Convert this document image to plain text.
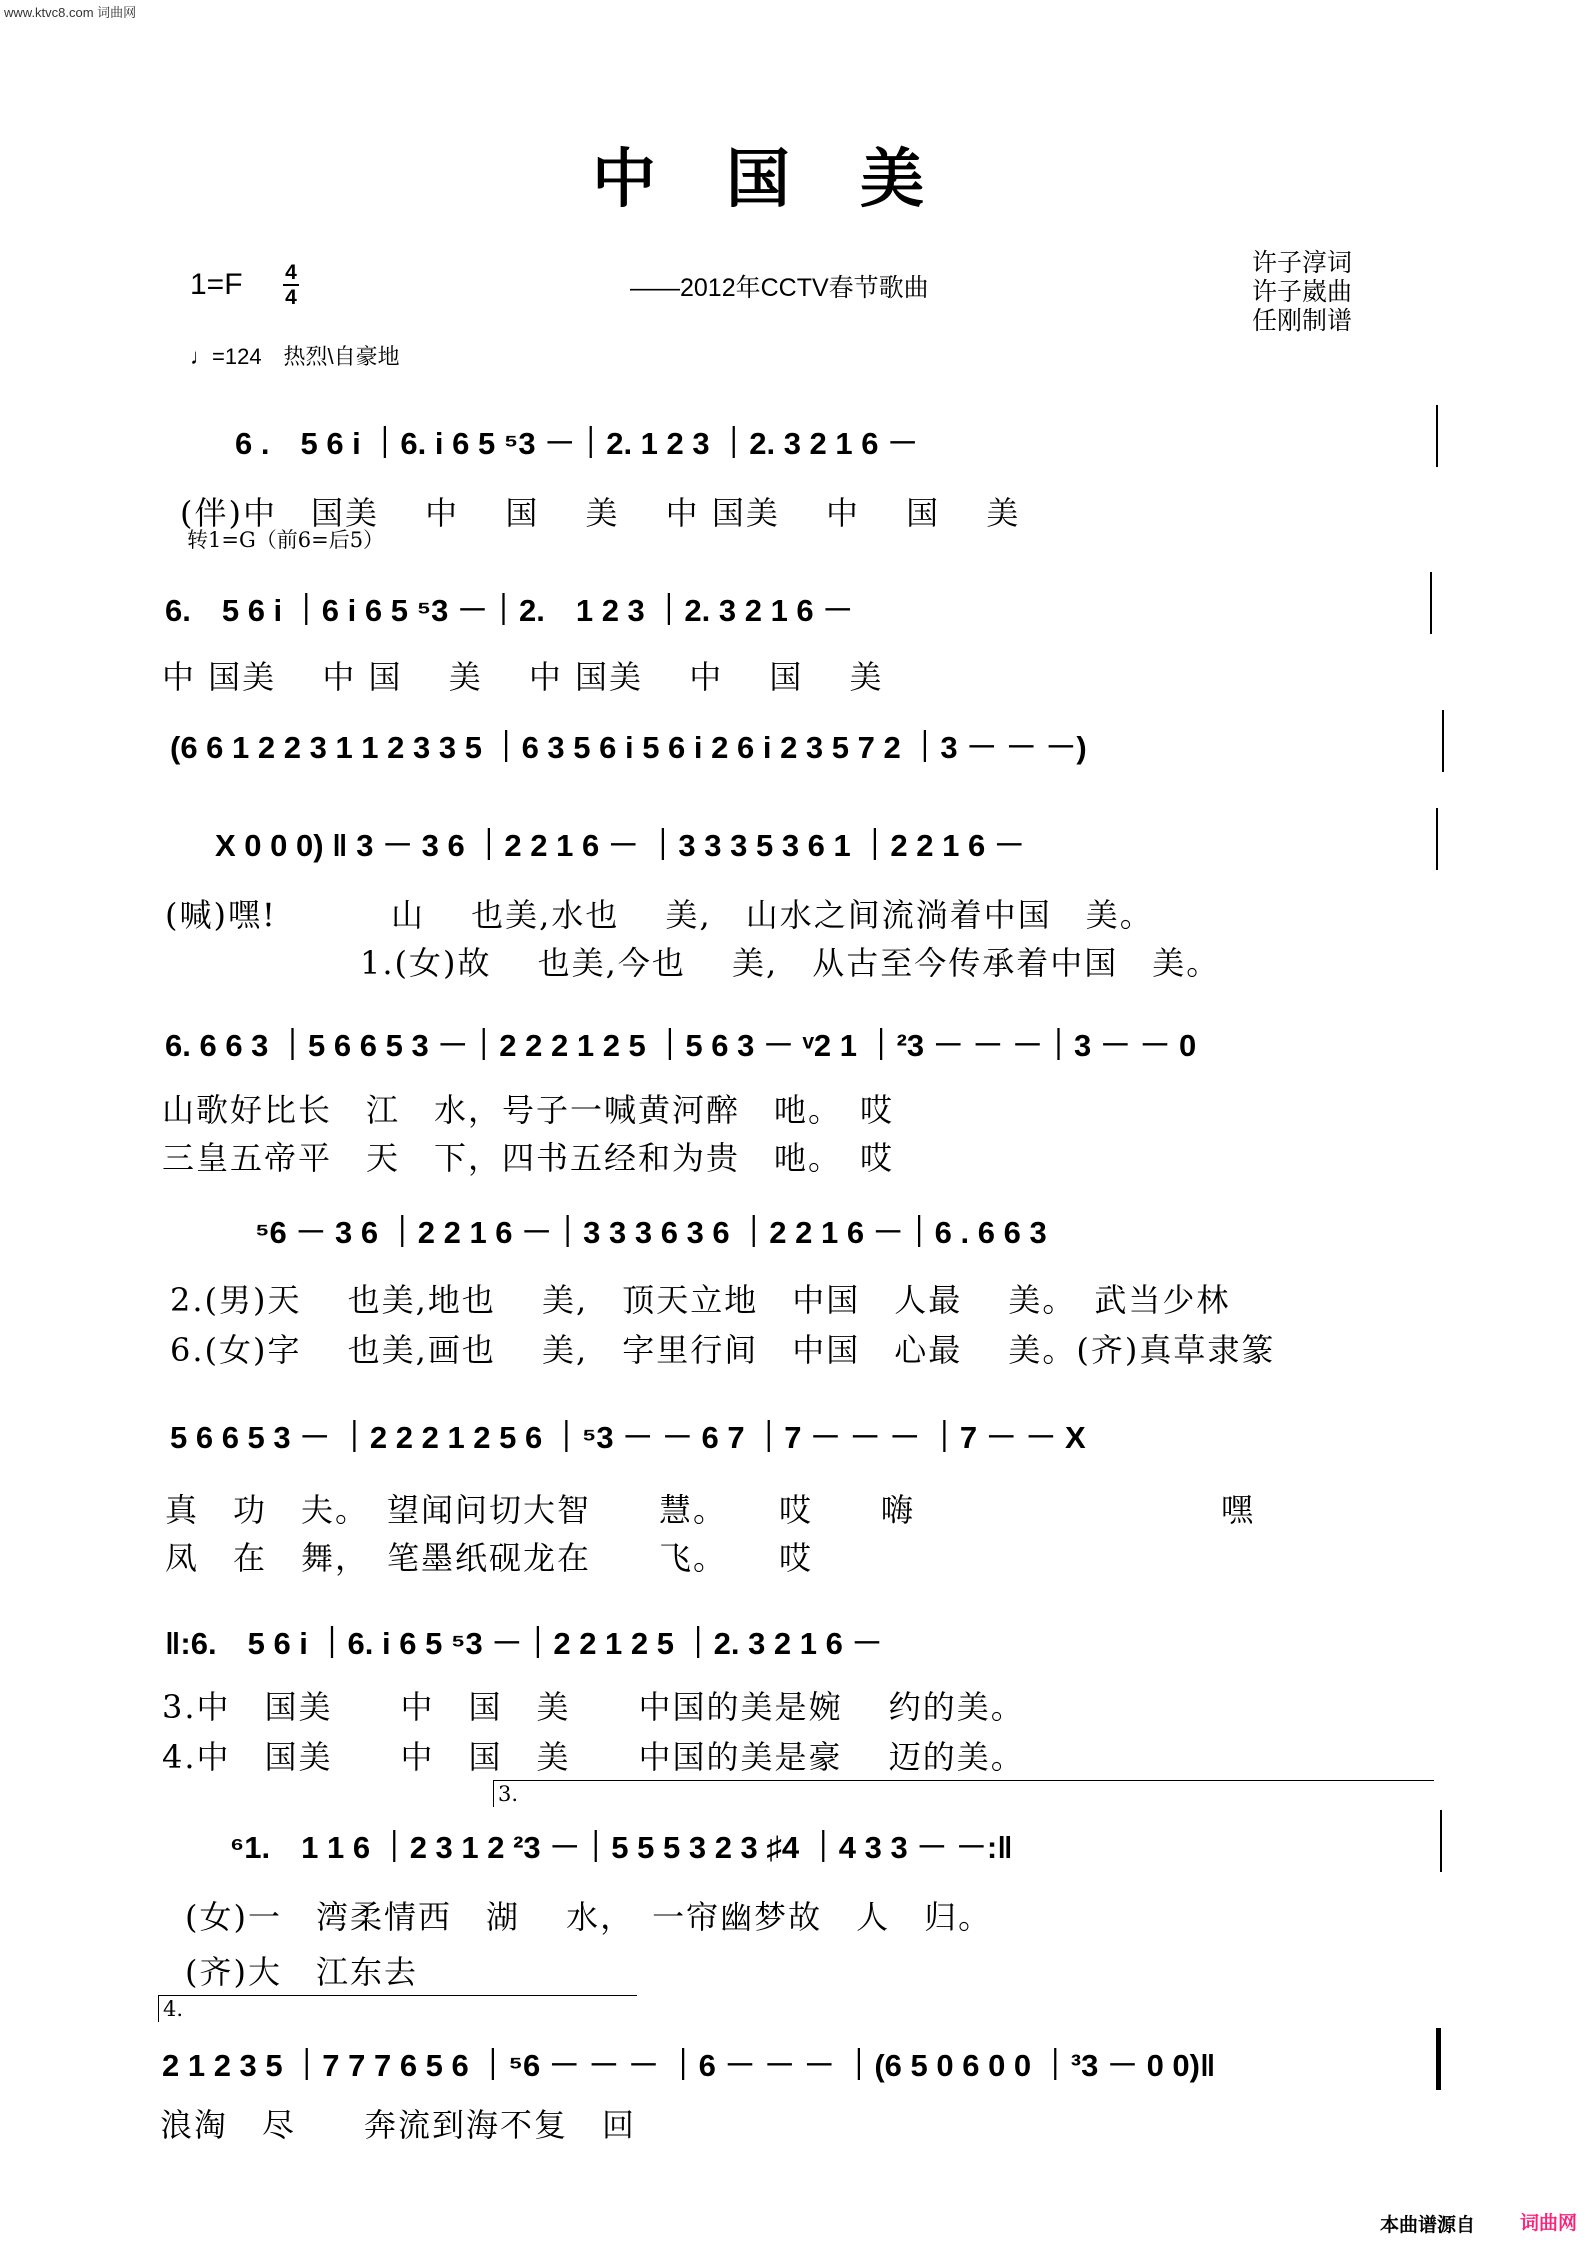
www.ktvc8.com 词曲网
中国美
1=F 4
4	——2012年CCTV春节歌曲
许子淳词
许子崴曲
任刚制谱
♩=124　热烈\自豪地
6 .　5 6 i ｜6. i 6 5 ⁵3 －｜2. 1 2 3 ｜2. 3 2 1 6 －
(伴)中　国美　 中　 国　 美　 中 国美　 中　 国　 美
转1=G（前6=后5）
6.　5 6 i ｜6 i 6 5 ⁵3 －｜2.　1 2 3 ｜2. 3 2 1 6 －
中 国美　 中 国　 美　 中 国美　 中　 国　 美
(6 6 1 2 2 3 1 1 2 3 3 5 ｜6 3 5 6 i 5 6 i 2 6 i 2 3 5 7 2 ｜3 － － －)
X 0 0 0) ‖ 3 － 3 6 ｜2 2 1 6 － ｜3 3 3 5 3 6 1 ｜2 2 1 6 －
(喊)嘿!　　　 山　 也美,水也　 美,　山水之间流淌着中国　美。
1.(女)故　 也美,今也　 美,　从古至今传承着中国　美。
6. 6 6 3 ｜5 6 6 5 3 －｜2 2 2 1 2 5 ｜5 6 3 － ᵛ2 1 ｜²3 － － －｜3 － － 0
山歌好比长　江　水，号子一喊黄河醉　吔。　哎
三皇五帝平　天　下，四书五经和为贵　吔。　哎
⁵6 － 3 6 ｜2 2 1 6 －｜3 3 3 6 3 6 ｜2 2 1 6 －｜6 . 6 6 3
2.(男)天　 也美,地也　 美,　顶天立地　中国　人最　 美。　武当少林
6.(女)字　 也美,画也　 美,　字里行间　中国　心最　 美。(齐)真草隶篆
5 6 6 5 3 － ｜2 2 2 1 2 5 6 ｜⁵3 － － 6 7 ｜7 － － － ｜7 － － X
真　功　夫。　望闻问切大智　　慧。　　哎　　嗨　　　　　　　　　嘿
凤　在　舞，　笔墨纸砚龙在　　飞。　　哎
‖:6.　5 6 i ｜6. i 6 5 ⁵3 －｜2 2 1 2 5 ｜2. 3 2 1 6 －
3.中　国美　　中　国　美　　中国的美是婉　 约的美。
4.中　国美　　中　国　美　　中国的美是豪　 迈的美。
3.
⁶1.　1 1 6 ｜2 3 1 2 ²3 －｜5 5 5 3 2 3 ♯4 ｜4 3 3 － －:‖
(女)一　湾柔情西　湖　 水，　一帘幽梦故　人　归。
(齐)大　江东去
4.
2 1 2 3 5 ｜7 7 7 6 5 6 ｜⁵6 － － － ｜6 － － － ｜(6 5 0 6 0 0 ｜³3 － 0 0)‖
浪淘　尽　　奔流到海不复　回
本曲谱源自 词曲网
